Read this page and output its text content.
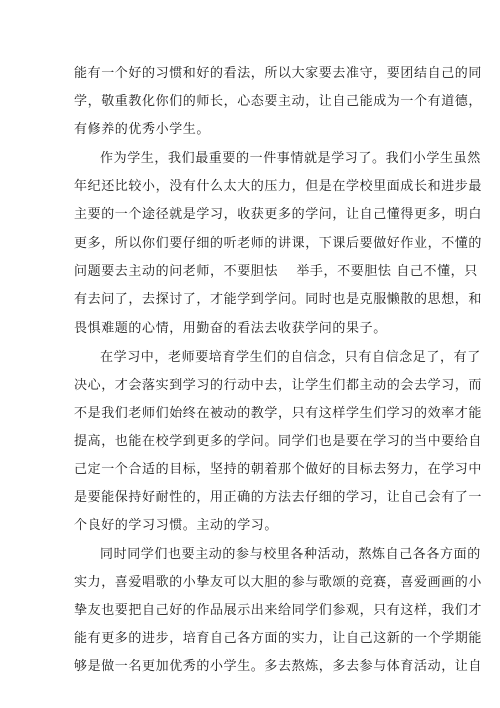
能有一个好的习惯和好的看法，所以大家要去准守，要团结自己的同
学，敬重教化你们的师长，心态要主动，让自己能成为一个有道德，
有修养的优秀小学生。
作为学生，我们最重要的一件事情就是学习了。我们小学生虽然
年纪还比较小，没有什么太大的压力，但是在学校里面成长和进步最
主要的一个途径就是学习，收获更多的学问，让自己懂得更多，明白
更多，所以你们要仔细的听老师的讲课，下课后要做好作业，不懂的
问题要去主动的问老师，不要胆怯　 举手，不要胆怯 自己不懂，只
有去问了，去探讨了，才能学到学问。同时也是克服懒散的思想，和
畏惧难题的心情，用勤奋的看法去收获学问的果子。
在学习中，老师要培育学生们的自信念，只有自信念足了，有了
决心，才会落实到学习的行动中去，让学生们都主动的会去学习，而
不是我们老师们始终在被动的教学，只有这样学生们学习的效率才能
提高，也能在校学到更多的学问。同学们也是要在学习的当中要给自
己定一个合适的目标，坚持的朝着那个做好的目标去努力，在学习中
是要能保持好耐性的，用正确的方法去仔细的学习，让自己会有了一
个良好的学习习惯。主动的学习。
同时同学们也要主动的参与校里各种活动，熬炼自己各各方面的
实力，喜爱唱歌的小挚友可以大胆的参与歌颂的竞赛，喜爱画画的小
挚友也要把自己好的作品展示出来给同学们参观，只有这样，我们才
能有更多的进步，培育自己各方面的实力，让自己这新的一个学期能
够是做一名更加优秀的小学生。多去熬炼，多去参与体育活动，让自
